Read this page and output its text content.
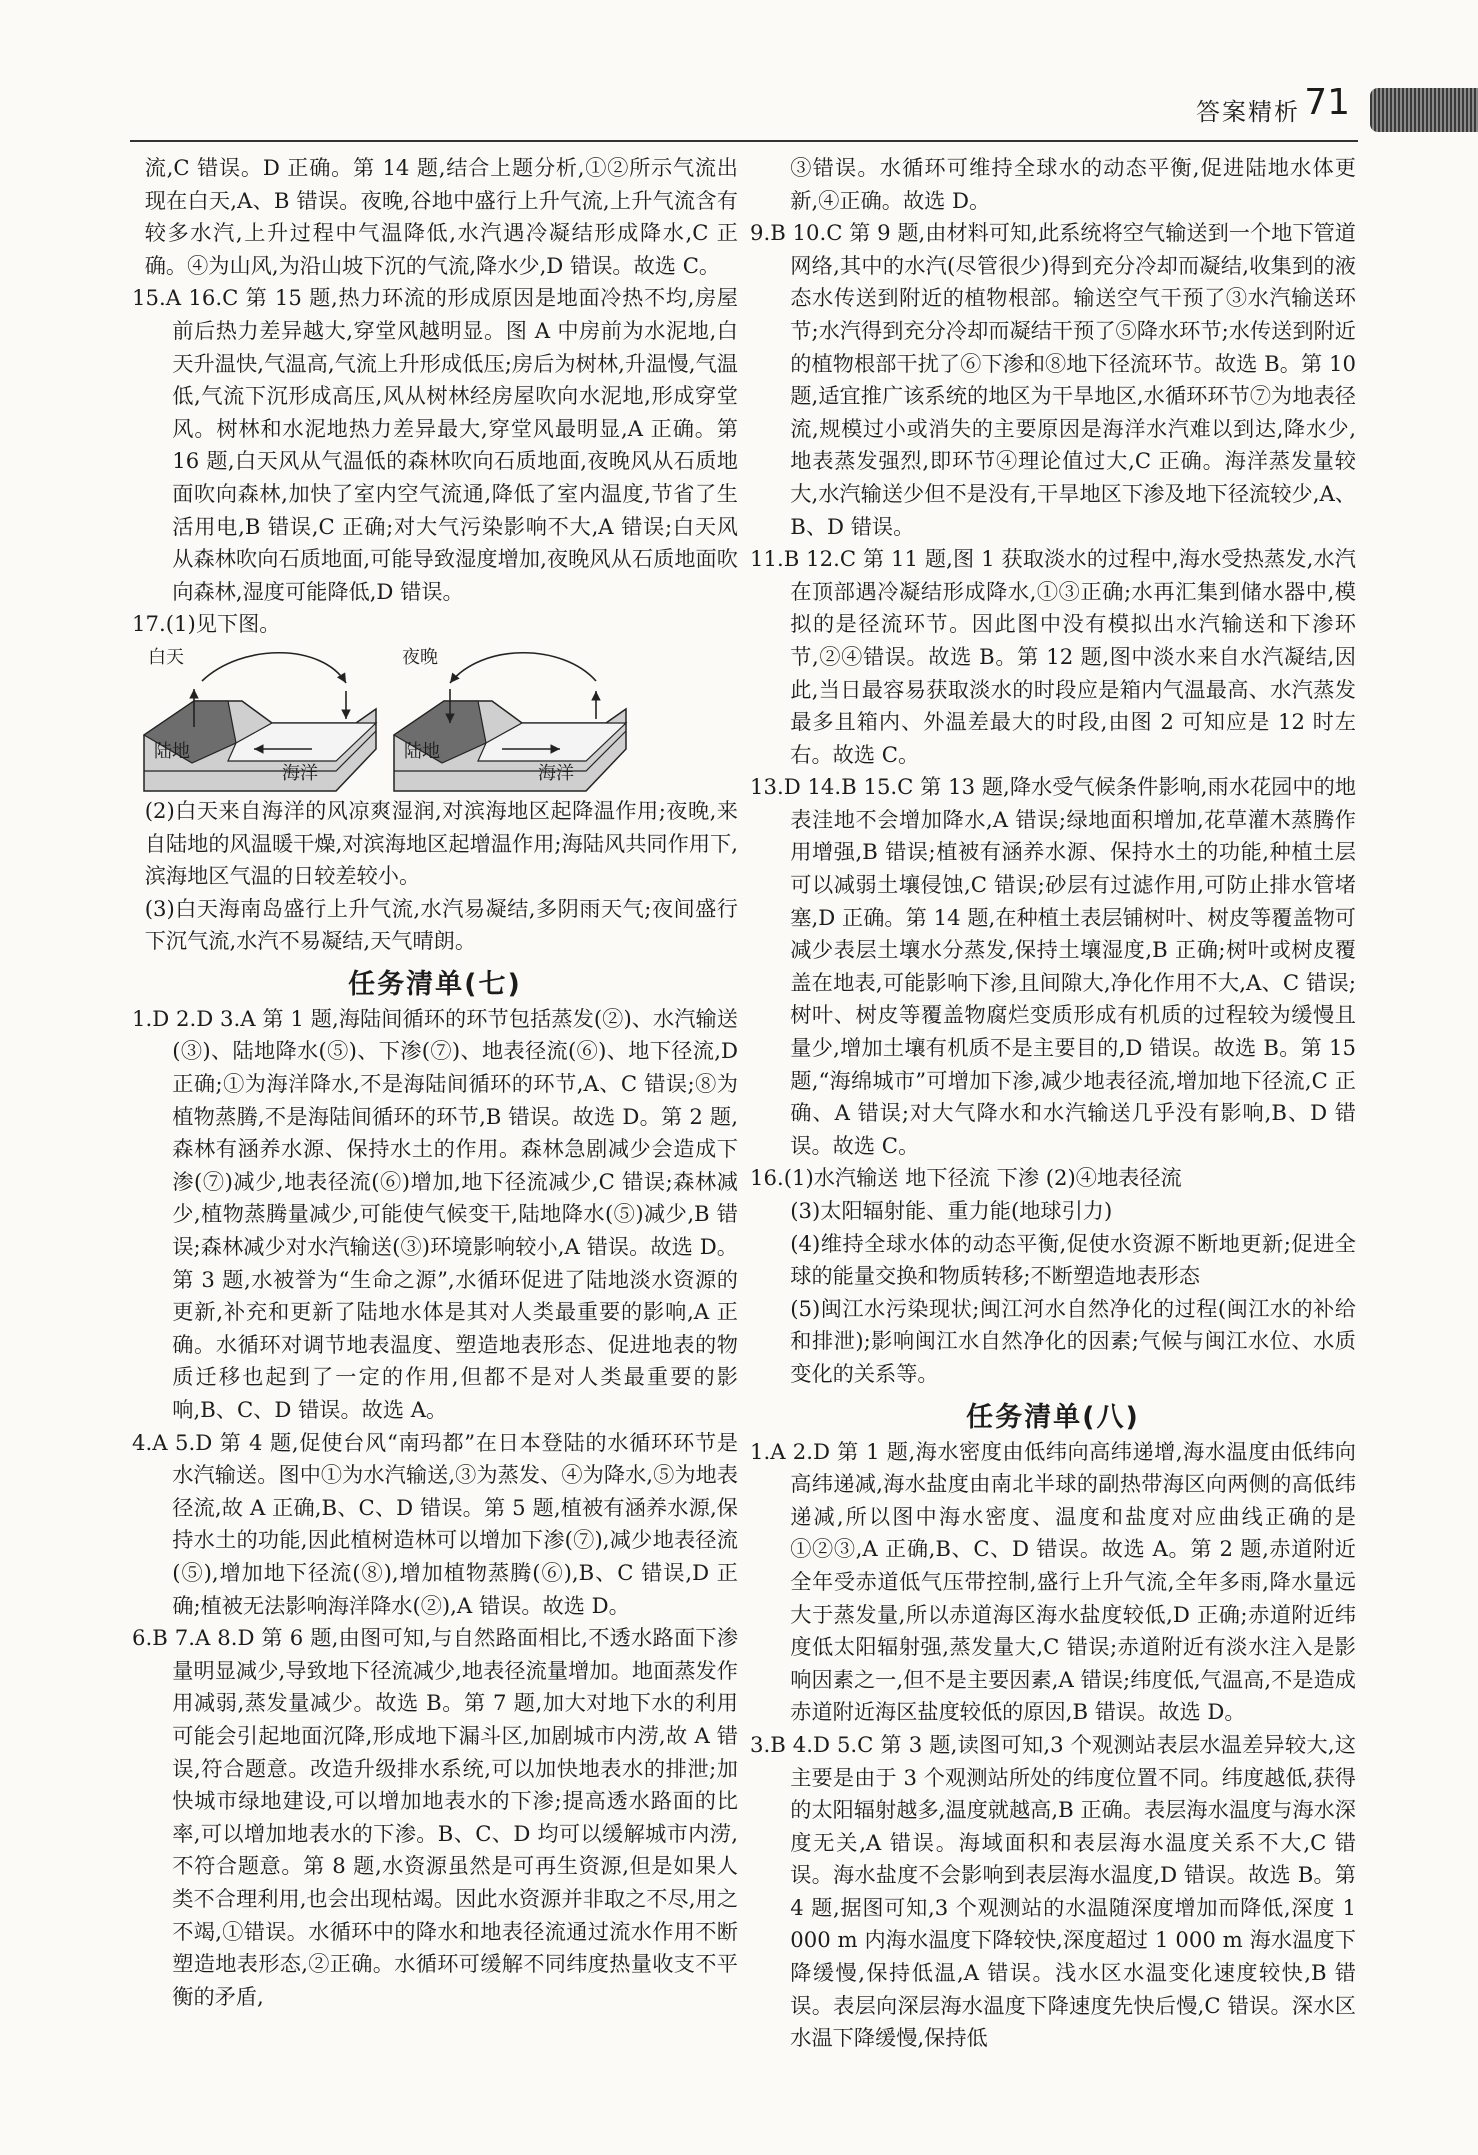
答案精析 71

流,C 错误。D 正确。第 14 题,结合上题分析,①②所示气流出现在白天,A、B 错误。夜晚,谷地中盛行上升气流,上升气流含有较多水汽,上升过程中气温降低,水汽遇冷凝结形成降水,C 正确。④为山风,为沿山坡下沉的气流,降水少,D 错误。故选 C。

15.A 16.C 第 15 题,热力环流的形成原因是地面冷热不均,房屋前后热力差异越大,穿堂风越明显。图 A 中房前为水泥地,白天升温快,气温高,气流上升形成低压;房后为树林,升温慢,气温低,气流下沉形成高压,风从树林经房屋吹向水泥地,形成穿堂风。树林和水泥地热力差异最大,穿堂风最明显,A 正确。第 16 题,白天风从气温低的森林吹向石质地面,夜晚风从石质地面吹向森林,加快了室内空气流通,降低了室内温度,节省了生活用电,B 错误,C 正确;对大气污染影响不大,A 错误;白天风从森林吹向石质地面,可能导致湿度增加,夜晚风从石质地面吹向森林,湿度可能降低,D 错误。

17.(1)见下图。

白天	夜晚
陆地
海洋
陆地
海洋

(2)白天来自海洋的风凉爽湿润,对滨海地区起降温作用;夜晚,来自陆地的风温暖干燥,对滨海地区起增温作用;海陆风共同作用下,滨海地区气温的日较差较小。

(3)白天海南岛盛行上升气流,水汽易凝结,多阴雨天气;夜间盛行下沉气流,水汽不易凝结,天气晴朗。

任务清单(七)

1.D 2.D 3.A 第 1 题,海陆间循环的环节包括蒸发(②)、水汽输送(③)、陆地降水(⑤)、下渗(⑦)、地表径流(⑥)、地下径流,D 正确;①为海洋降水,不是海陆间循环的环节,A、C 错误;⑧为植物蒸腾,不是海陆间循环的环节,B 错误。故选 D。第 2 题,森林有涵养水源、保持水土的作用。森林急剧减少会造成下渗(⑦)减少,地表径流(⑥)增加,地下径流减少,C 错误;森林减少,植物蒸腾量减少,可能使气候变干,陆地降水(⑤)减少,B 错误;森林减少对水汽输送(③)环境影响较小,A 错误。故选 D。第 3 题,水被誉为“生命之源”,水循环促进了陆地淡水资源的更新,补充和更新了陆地水体是其对人类最重要的影响,A 正确。水循环对调节地表温度、塑造地表形态、促进地表的物质迁移也起到了一定的作用,但都不是对人类最重要的影响,B、C、D 错误。故选 A。

4.A 5.D 第 4 题,促使台风“南玛都”在日本登陆的水循环环节是水汽输送。图中①为水汽输送,③为蒸发、④为降水,⑤为地表径流,故 A 正确,B、C、D 错误。第 5 题,植被有涵养水源,保持水土的功能,因此植树造林可以增加下渗(⑦),减少地表径流(⑤),增加地下径流(⑧),增加植物蒸腾(⑥),B、C 错误,D 正确;植被无法影响海洋降水(②),A 错误。故选 D。

6.B 7.A 8.D 第 6 题,由图可知,与自然路面相比,不透水路面下渗量明显减少,导致地下径流减少,地表径流量增加。地面蒸发作用减弱,蒸发量减少。故选 B。第 7 题,加大对地下水的利用可能会引起地面沉降,形成地下漏斗区,加剧城市内涝,故 A 错误,符合题意。改造升级排水系统,可以加快地表水的排泄;加快城市绿地建设,可以增加地表水的下渗;提高透水路面的比率,可以增加地表水的下渗。B、C、D 均可以缓解城市内涝,不符合题意。第 8 题,水资源虽然是可再生资源,但是如果人类不合理利用,也会出现枯竭。因此水资源并非取之不尽,用之不竭,①错误。水循环中的降水和地表径流通过流水作用不断塑造地表形态,②正确。水循环可缓解不同纬度热量收支不平衡的矛盾,

③错误。水循环可维持全球水的动态平衡,促进陆地水体更新,④正确。故选 D。

9.B 10.C 第 9 题,由材料可知,此系统将空气输送到一个地下管道网络,其中的水汽(尽管很少)得到充分冷却而凝结,收集到的液态水传送到附近的植物根部。输送空气干预了③水汽输送环节;水汽得到充分冷却而凝结干预了⑤降水环节;水传送到附近的植物根部干扰了⑥下渗和⑧地下径流环节。故选 B。第 10 题,适宜推广该系统的地区为干旱地区,水循环环节⑦为地表径流,规模过小或消失的主要原因是海洋水汽难以到达,降水少,地表蒸发强烈,即环节④理论值过大,C 正确。海洋蒸发量较大,水汽输送少但不是没有,干旱地区下渗及地下径流较少,A、B、D 错误。

11.B 12.C 第 11 题,图 1 获取淡水的过程中,海水受热蒸发,水汽在顶部遇冷凝结形成降水,①③正确;水再汇集到储水器中,模拟的是径流环节。因此图中没有模拟出水汽输送和下渗环节,②④错误。故选 B。第 12 题,图中淡水来自水汽凝结,因此,当日最容易获取淡水的时段应是箱内气温最高、水汽蒸发最多且箱内、外温差最大的时段,由图 2 可知应是 12 时左右。故选 C。

13.D 14.B 15.C 第 13 题,降水受气候条件影响,雨水花园中的地表洼地不会增加降水,A 错误;绿地面积增加,花草灌木蒸腾作用增强,B 错误;植被有涵养水源、保持水土的功能,种植土层可以减弱土壤侵蚀,C 错误;砂层有过滤作用,可防止排水管堵塞,D 正确。第 14 题,在种植土表层铺树叶、树皮等覆盖物可减少表层土壤水分蒸发,保持土壤湿度,B 正确;树叶或树皮覆盖在地表,可能影响下渗,且间隙大,净化作用不大,A、C 错误;树叶、树皮等覆盖物腐烂变质形成有机质的过程较为缓慢且量少,增加土壤有机质不是主要目的,D 错误。故选 B。第 15 题,“海绵城市”可增加下渗,减少地表径流,增加地下径流,C 正确、A 错误;对大气降水和水汽输送几乎没有影响,B、D 错误。故选 C。

16.(1)水汽输送 地下径流 下渗 (2)④地表径流

(3)太阳辐射能、重力能(地球引力)

(4)维持全球水体的动态平衡,促使水资源不断地更新;促进全球的能量交换和物质转移;不断塑造地表形态

(5)闽江水污染现状;闽江河水自然净化的过程(闽江水的补给和排泄);影响闽江水自然净化的因素;气候与闽江水位、水质变化的关系等。

任务清单(八)

1.A 2.D 第 1 题,海水密度由低纬向高纬递增,海水温度由低纬向高纬递减,海水盐度由南北半球的副热带海区向两侧的高低纬递减,所以图中海水密度、温度和盐度对应曲线正确的是①②③,A 正确,B、C、D 错误。故选 A。第 2 题,赤道附近全年受赤道低气压带控制,盛行上升气流,全年多雨,降水量远大于蒸发量,所以赤道海区海水盐度较低,D 正确;赤道附近纬度低太阳辐射强,蒸发量大,C 错误;赤道附近有淡水注入是影响因素之一,但不是主要因素,A 错误;纬度低,气温高,不是造成赤道附近海区盐度较低的原因,B 错误。故选 D。

3.B 4.D 5.C 第 3 题,读图可知,3 个观测站表层水温差异较大,这主要是由于 3 个观测站所处的纬度位置不同。纬度越低,获得的太阳辐射越多,温度就越高,B 正确。表层海水温度与海水深度无关,A 错误。海域面积和表层海水温度关系不大,C 错误。海水盐度不会影响到表层海水温度,D 错误。故选 B。第 4 题,据图可知,3 个观测站的水温随深度增加而降低,深度 1 000 m 内海水温度下降较快,深度超过 1 000 m 海水温度下降缓慢,保持低温,A 错误。浅水区水温变化速度较快,B 错误。表层向深层海水温度下降速度先快后慢,C 错误。深水区水温下降缓慢,保持低
